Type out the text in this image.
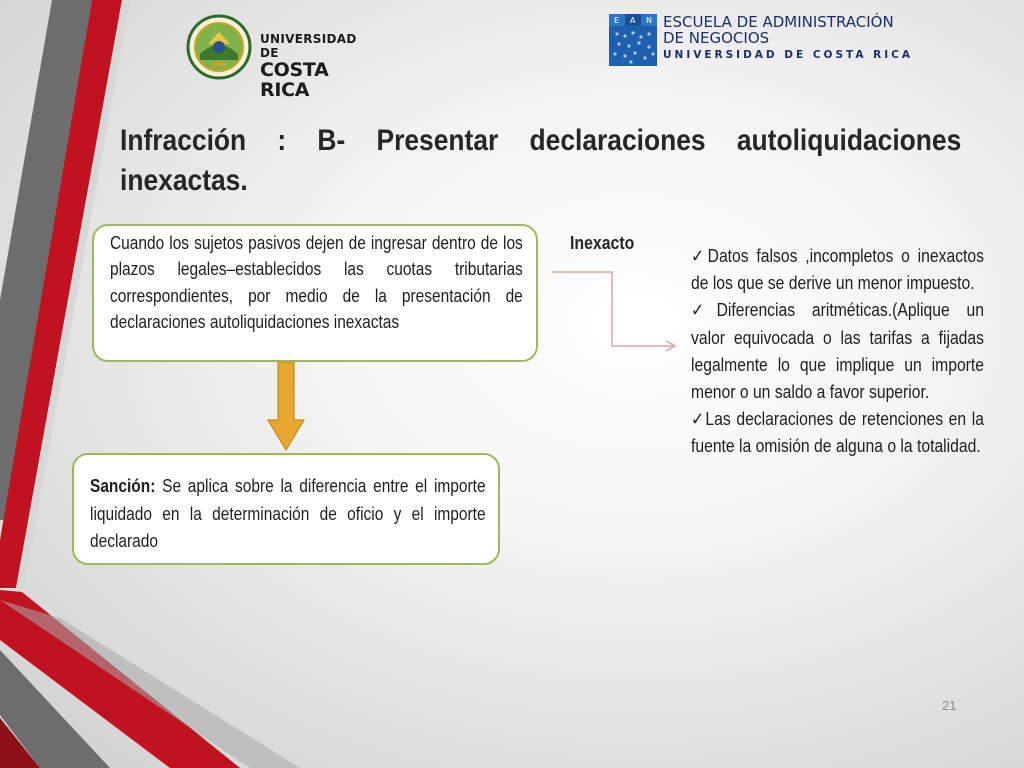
UNIVERSIDAD DE
COSTA RICA
E A N ESCUELA DE ADMINISTRACIÓN
DE NEGOCIOS
UNIVERSIDAD DE COSTA RICA
Infracción : B- Presentar declaraciones autoliquidaciones inexactas.
Cuando los sujetos pasivos dejen de ingresar dentro de los plazos legales–establecidos las cuotas tributarias correspondientes, por medio de la presentación de declaraciones autoliquidaciones inexactas
Sanción: Se aplica sobre la diferencia entre el importe liquidado en la determinación de oficio y el importe declarado
Inexacto

✓Datos falsos ,incompletos o inexactos de los que se derive un menor impuesto.

✓Diferencias aritméticas.(Aplique un valor equivocada o las tarifas a fijadas legalmente lo que implique un importe menor o un saldo a favor superior.

✓Las declaraciones de retenciones en la fuente la omisión de alguna o la totalidad.

21
